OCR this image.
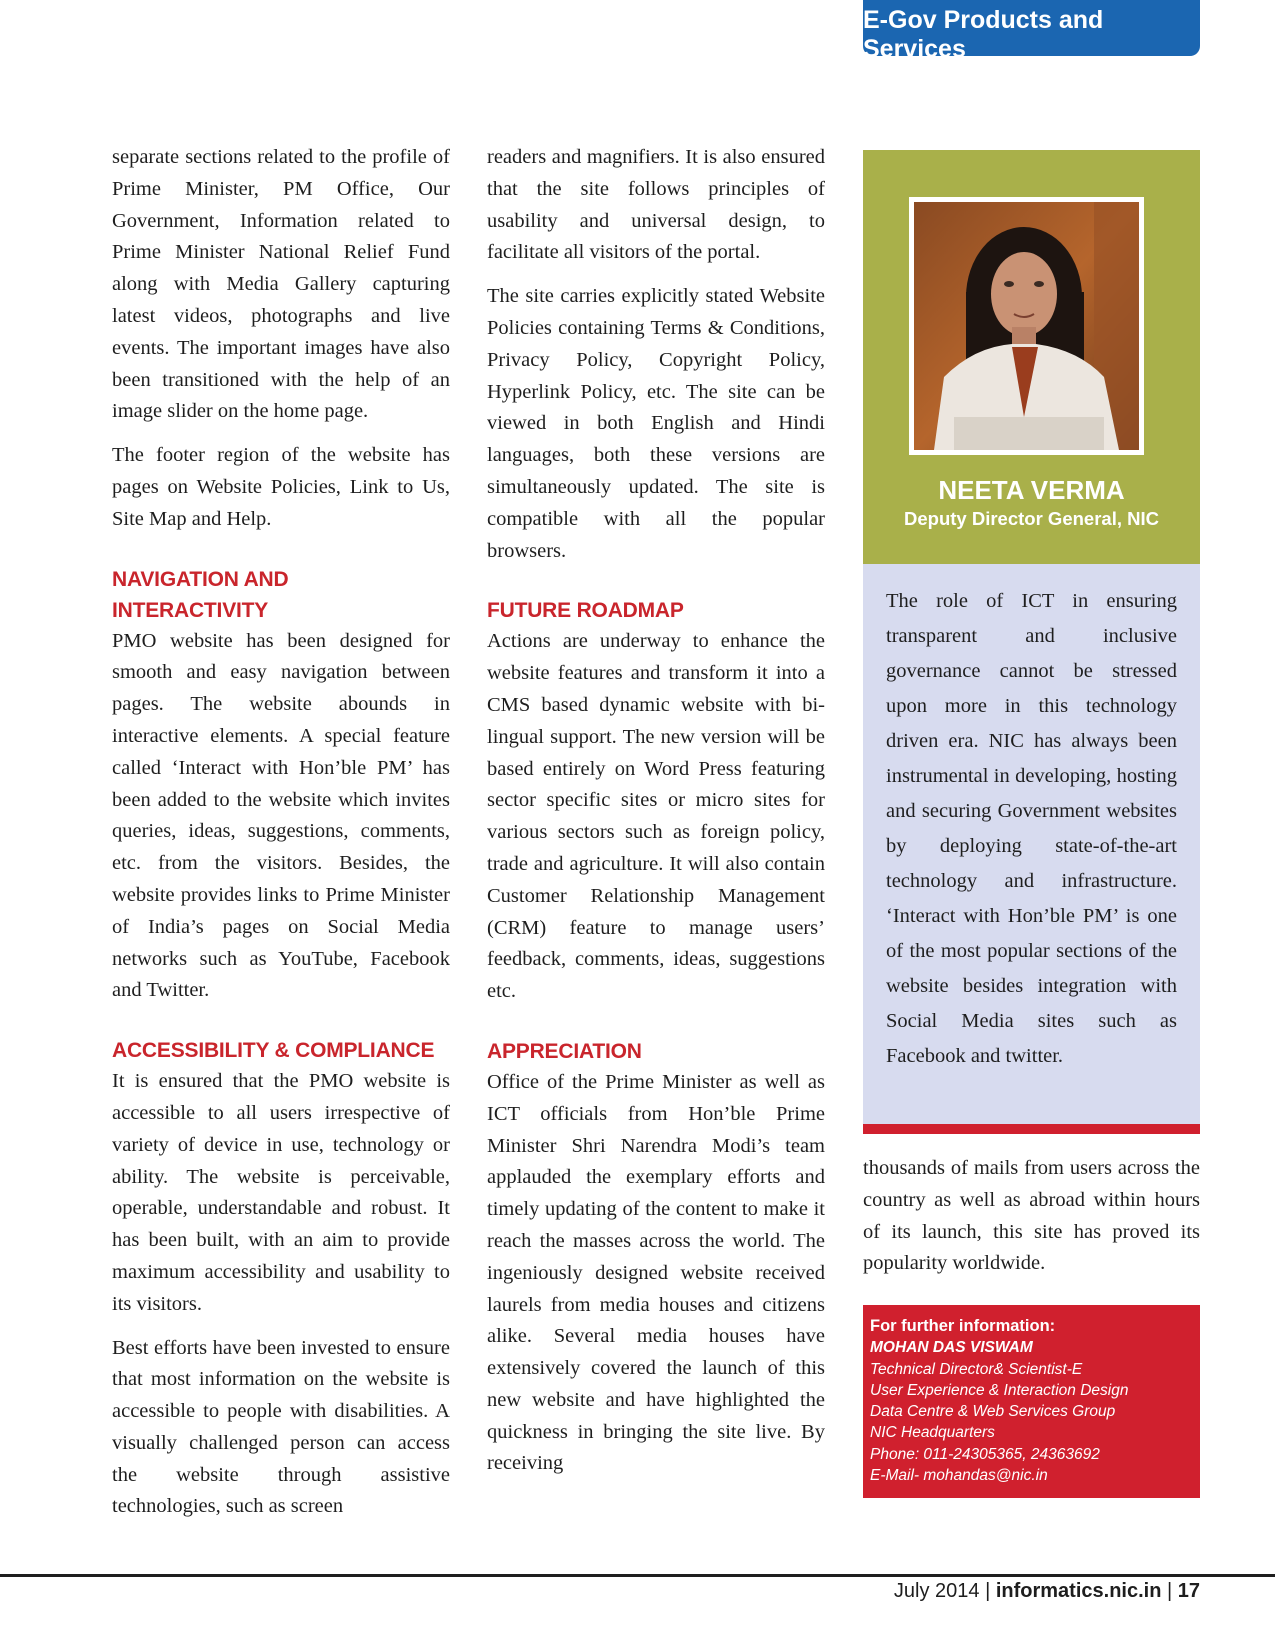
E-Gov Products and Services

separate sections related to the profile of Prime Minister, PM Office, Our Government, Information related to Prime Minister National Relief Fund along with Media Gallery capturing latest videos, photographs and live events. The important images have also been transitioned with the help of an image slider on the home page.

The footer region of the website has pages on Website Policies, Link to Us, Site Map and Help.

NAVIGATION AND INTERACTIVITY

PMO website has been designed for smooth and easy navigation between pages. The website abounds in interactive elements. A special feature called ‘Interact with Hon’ble PM’ has been added to the website which invites queries, ideas, suggestions, comments, etc. from the visitors. Besides, the website provides links to Prime Minister of India’s pages on Social Media networks such as YouTube, Facebook and Twitter.

ACCESSIBILITY & COMPLIANCE

It is ensured that the PMO website is accessible to all users irrespective of variety of device in use, technology or ability. The website is perceivable, operable, understandable and robust. It has been built, with an aim to provide maximum accessibility and usability to its visitors.

Best efforts have been invested to ensure that most information on the website is accessible to people with disabilities. A visually challenged person can access the website through assistive technologies, such as screen

readers and magnifiers. It is also ensured that the site follows principles of usability and universal design, to facilitate all visitors of the portal.

The site carries explicitly stated Website Policies containing Terms & Conditions, Privacy Policy, Copyright Policy, Hyperlink Policy, etc. The site can be viewed in both English and Hindi languages, both these versions are simultaneously updated. The site is compatible with all the popular browsers.

FUTURE ROADMAP

Actions are underway to enhance the website features and transform it into a CMS based dynamic website with bi-lingual support. The new version will be based entirely on Word Press featuring sector specific sites or micro sites for various sectors such as foreign policy, trade and agriculture. It will also contain Customer Relationship Management (CRM) feature to manage users’ feedback, comments, ideas, suggestions etc.

APPRECIATION

Office of the Prime Minister as well as ICT officials from Hon’ble Prime Minister Shri Narendra Modi’s team applauded the exemplary efforts and timely updating of the content to make it reach the masses across the world. The ingeniously designed website received laurels from media houses and citizens alike. Several media houses have extensively covered the launch of this new website and have highlighted the quickness in bringing the site live. By receiving

NEETA VERMA
Deputy Director General, NIC

The role of ICT in ensuring transparent and inclusive governance cannot be stressed upon more in this technology driven era. NIC has always been instrumental in developing, hosting and securing Government websites by deploying state-of-the-art technology and infrastructure. ‘Interact with Hon’ble PM’ is one of the most popular sections of the website besides integration with Social Media sites such as Facebook and twitter.

thousands of mails from users across the country as well as abroad within hours of its launch, this site has proved its popularity worldwide.

For further information:
MOHAN DAS VISWAM
Technical Director& Scientist-E
User Experience & Interaction Design
Data Centre & Web Services Group
NIC Headquarters
Phone: 011-24305365, 24363692
E-Mail- mohandas@nic.in
July 2014 | informatics.nic.in | 17
